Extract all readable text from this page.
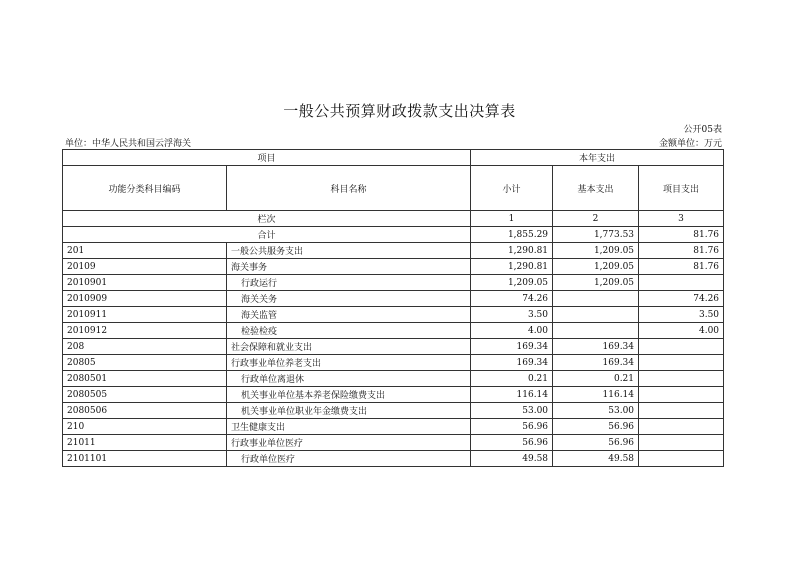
一般公共预算财政拨款支出决算表
公开05表
单位：中华人民共和国云浮海关	金额单位：万元
项目		本年支出		
功能分类科目编码	科目名称	小计	基本支出	项目支出
栏次		1	2	3
合计		1,855.29	1,773.53	81.76
201	一般公共服务支出	1,290.81	1,209.05	81.76
20109	海关事务	1,290.81	1,209.05	81.76
2010901	行政运行	1,209.05	1,209.05	
2010909	海关关务	74.26		74.26
2010911	海关监管	3.50		3.50
2010912	检验检疫	4.00		4.00
208	社会保障和就业支出	169.34	169.34	
20805	行政事业单位养老支出	169.34	169.34	
2080501	行政单位离退休	0.21	0.21	
2080505	机关事业单位基本养老保险缴费支出	116.14	116.14	
2080506	机关事业单位职业年金缴费支出	53.00	53.00	
210	卫生健康支出	56.96	56.96	
21011	行政事业单位医疗	56.96	56.96	
2101101	行政单位医疗	49.58	49.58	
